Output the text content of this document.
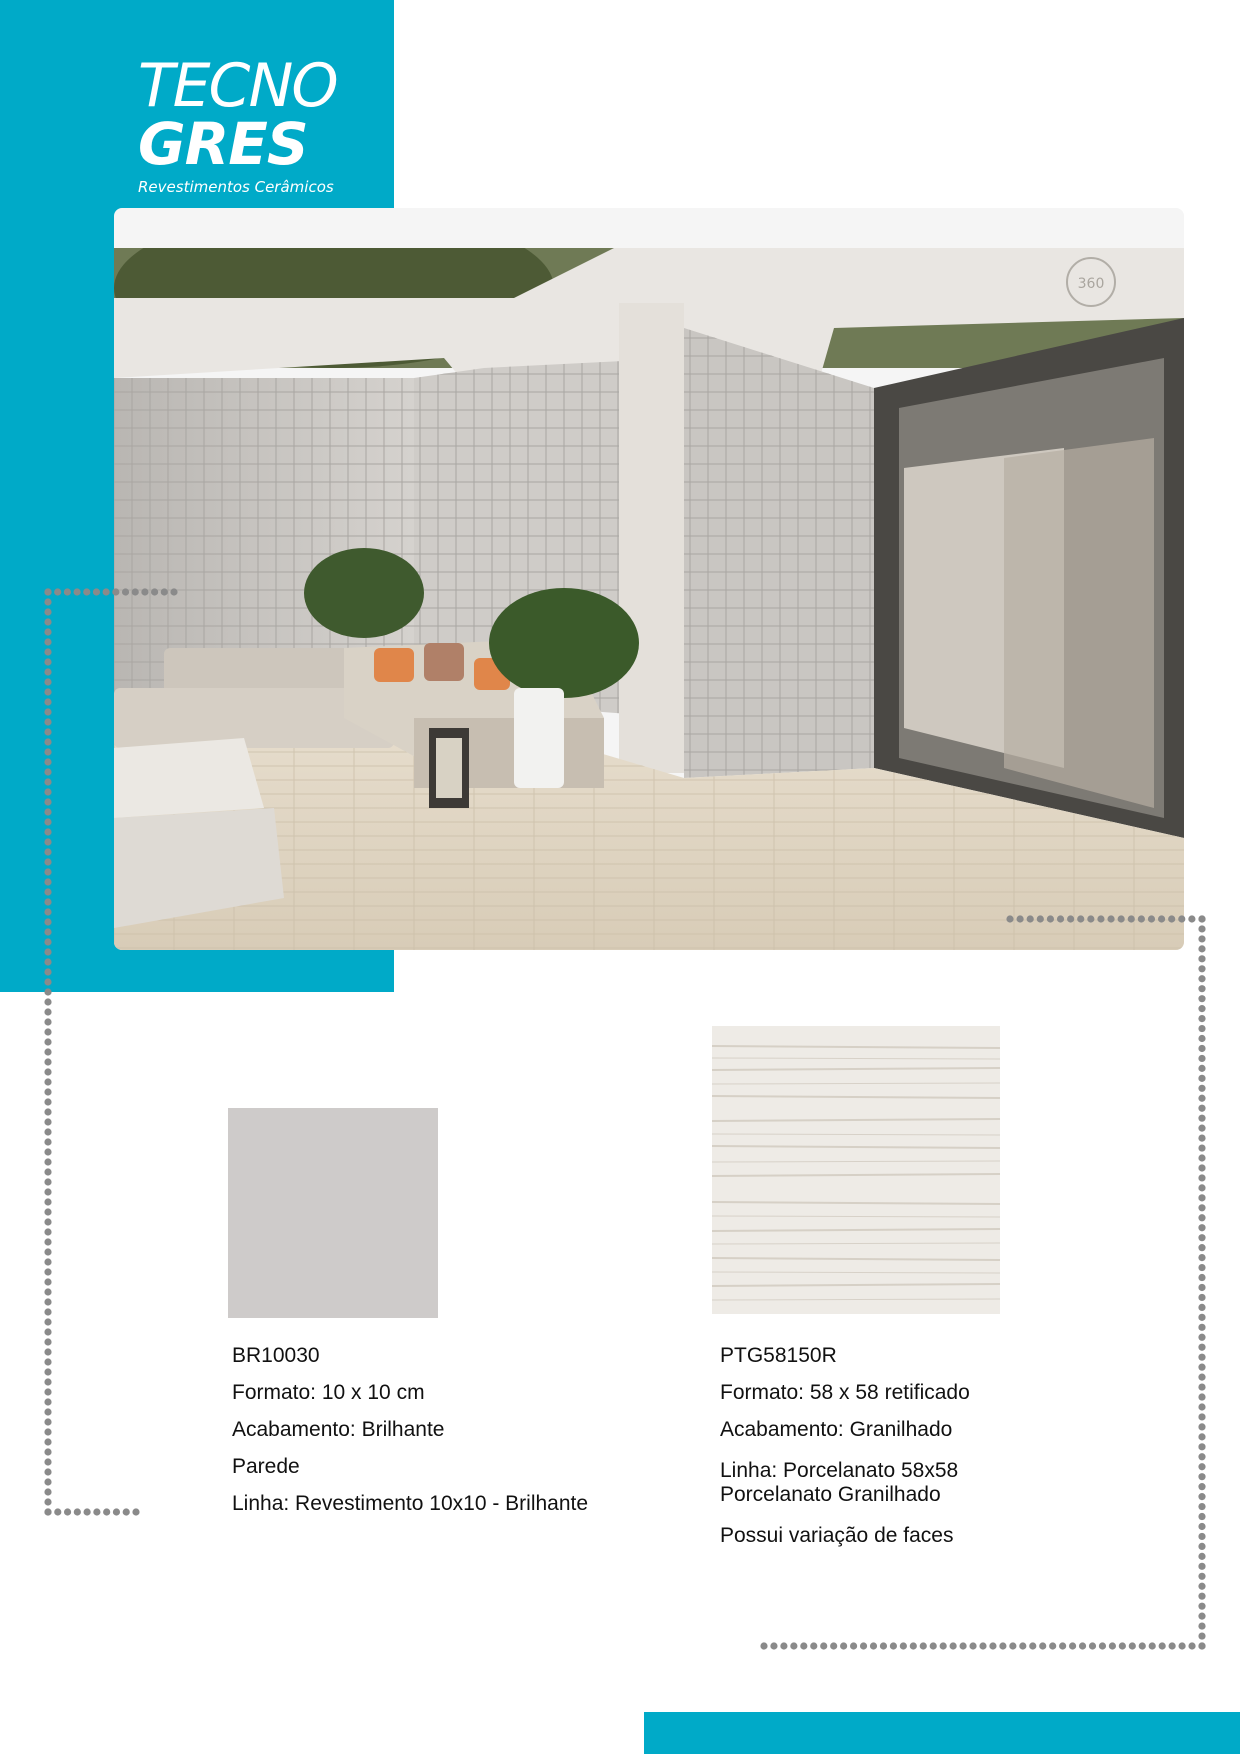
TECNO
GRES
Revestimentos Cerâmicos
360
BR10030
Formato: 10 x 10 cm
Acabamento: Brilhante
Parede
Linha: Revestimento 10x10 - Brilhante
PTG58150R
Formato: 58 x 58 retificado
Acabamento: Granilhado
Linha: Porcelanato 58x58
Porcelanato Granilhado
Possui variação de faces
